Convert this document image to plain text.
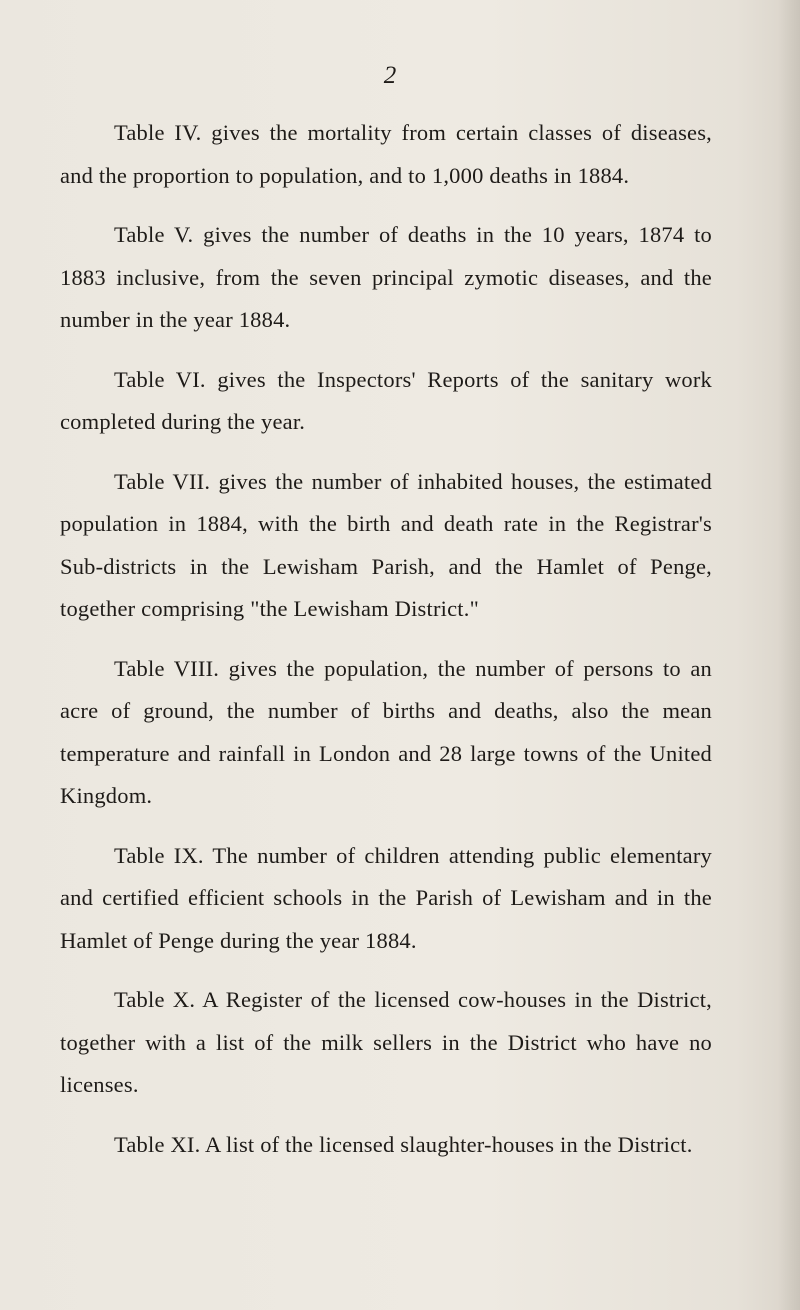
2

Table IV. gives the mortality from certain classes of diseases, and the proportion to population, and to 1,000 deaths in 1884.

Table V. gives the number of deaths in the 10 years, 1874 to 1883 inclusive, from the seven principal zymotic diseases, and the number in the year 1884.

Table VI. gives the Inspectors' Reports of the sanitary work completed during the year.

Table VII. gives the number of inhabited houses, the estimated population in 1884, with the birth and death rate in the Registrar's Sub-districts in the Lewisham Parish, and the Hamlet of Penge, together comprising "the Lewisham District."

Table VIII. gives the population, the number of persons to an acre of ground, the number of births and deaths, also the mean temperature and rainfall in London and 28 large towns of the United Kingdom.

Table IX. The number of children attending public elementary and certified efficient schools in the Parish of Lewisham and in the Hamlet of Penge during the year 1884.

Table X. A Register of the licensed cow-houses in the District, together with a list of the milk sellers in the District who have no licenses.

Table XI. A list of the licensed slaughter-houses in the District.
